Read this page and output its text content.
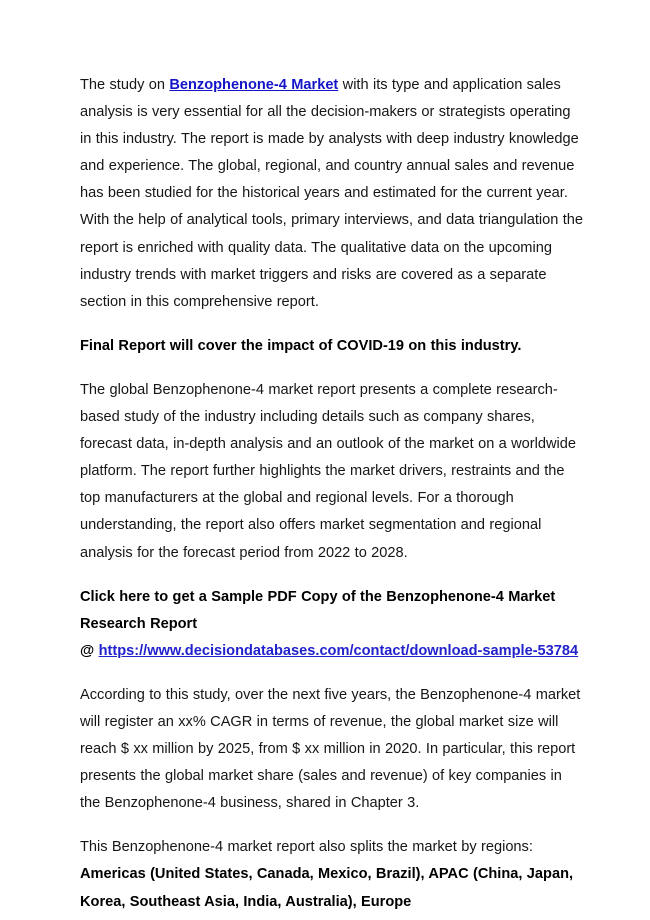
The study on Benzophenone-4 Market with its type and application sales analysis is very essential for all the decision-makers or strategists operating in this industry. The report is made by analysts with deep industry knowledge and experience. The global, regional, and country annual sales and revenue has been studied for the historical years and estimated for the current year. With the help of analytical tools, primary interviews, and data triangulation the report is enriched with quality data. The qualitative data on the upcoming industry trends with market triggers and risks are covered as a separate section in this comprehensive report.

Final Report will cover the impact of COVID-19 on this industry.

The global Benzophenone-4 market report presents a complete research-based study of the industry including details such as company shares, forecast data, in-depth analysis and an outlook of the market on a worldwide platform. The report further highlights the market drivers, restraints and the top manufacturers at the global and regional levels. For a thorough understanding, the report also offers market segmentation and regional analysis for the forecast period from 2022 to 2028.

Click here to get a Sample PDF Copy of the Benzophenone-4 Market Research Report
@ https://www.decisiondatabases.com/contact/download-sample-53784

According to this study, over the next five years, the Benzophenone-4 market will register an xx% CAGR in terms of revenue, the global market size will reach $ xx million by 2025, from $ xx million in 2020. In particular, this report presents the global market share (sales and revenue) of key companies in the Benzophenone-4 business, shared in Chapter 3.

This Benzophenone-4 market report also splits the market by regions: Americas (United States, Canada, Mexico, Brazil), APAC (China, Japan, Korea, Southeast Asia, India, Australia), Europe
